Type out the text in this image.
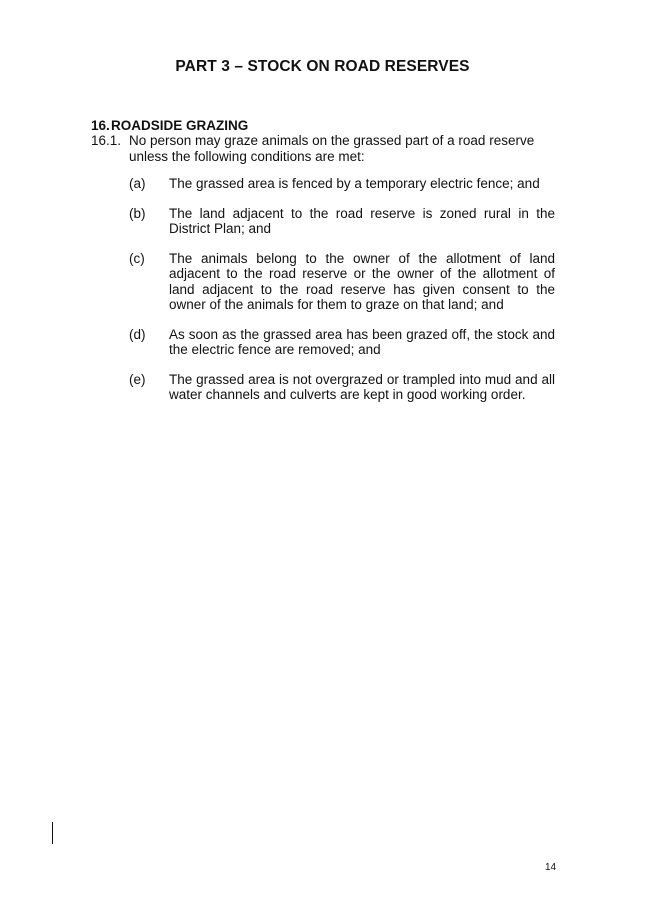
PART 3 – STOCK ON ROAD RESERVES
16.ROADSIDE GRAZING
16.1. No person may graze animals on the grassed part of a road reserve unless the following conditions are met:
(a) The grassed area is fenced by a temporary electric fence; and
(b) The land adjacent to the road reserve is zoned rural in the District Plan; and
(c) The animals belong to the owner of the allotment of land adjacent to the road reserve or the owner of the allotment of land adjacent to the road reserve has given consent to the owner of the animals for them to graze on that land; and
(d) As soon as the grassed area has been grazed off, the stock and the electric fence are removed; and
(e) The grassed area is not overgrazed or trampled into mud and all water channels and culverts are kept in good working order.
14
